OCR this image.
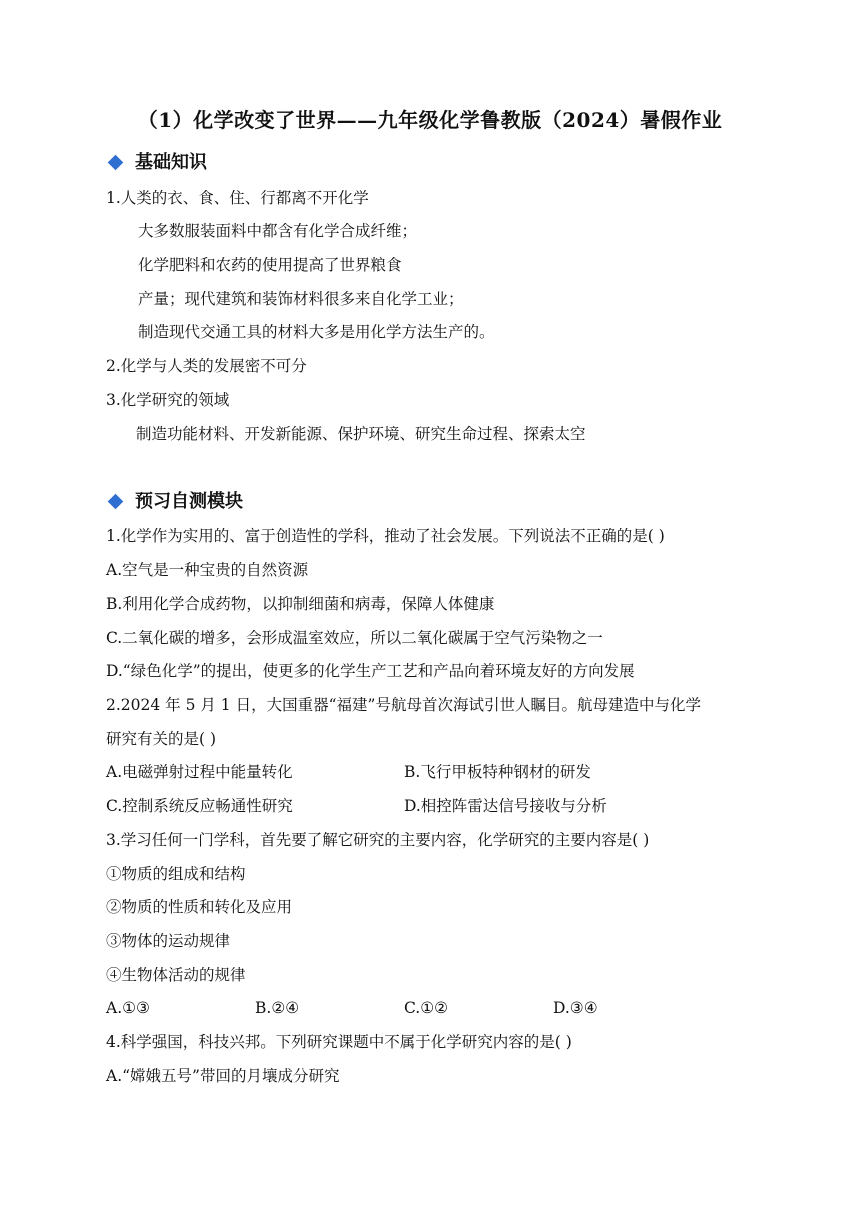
（1）化学改变了世界——九年级化学鲁教版（2024）暑假作业
基础知识
1.人类的衣、食、住、行都离不开化学
大多数服装面料中都含有化学合成纤维；
化学肥料和农药的使用提高了世界粮食
产量；现代建筑和装饰材料很多来自化学工业；
制造现代交通工具的材料大多是用化学方法生产的。
2.化学与人类的发展密不可分
3.化学研究的领域
制造功能材料、开发新能源、保护环境、研究生命过程、探索太空
预习自测模块
1.化学作为实用的、富于创造性的学科，推动了社会发展。下列说法不正确的是( )
A.空气是一种宝贵的自然资源
B.利用化学合成药物，以抑制细菌和病毒，保障人体健康
C.二氧化碳的增多，会形成温室效应，所以二氧化碳属于空气污染物之一
D.“绿色化学”的提出，使更多的化学生产工艺和产品向着环境友好的方向发展
2.2024 年 5 月 1 日，大国重器“福建”号航母首次海试引世人瞩目。航母建造中与化学
研究有关的是( )
A.电磁弹射过程中能量转化	B.飞行甲板特种钢材的研发
C.控制系统反应畅通性研究	D.相控阵雷达信号接收与分析
3.学习任何一门学科，首先要了解它研究的主要内容，化学研究的主要内容是( )
①物质的组成和结构
②物质的性质和转化及应用
③物体的运动规律
④生物体活动的规律
A.①③	B.②④	C.①②	D.③④
4.科学强国，科技兴邦。下列研究课题中不属于化学研究内容的是( )
A.“嫦娥五号”带回的月壤成分研究
